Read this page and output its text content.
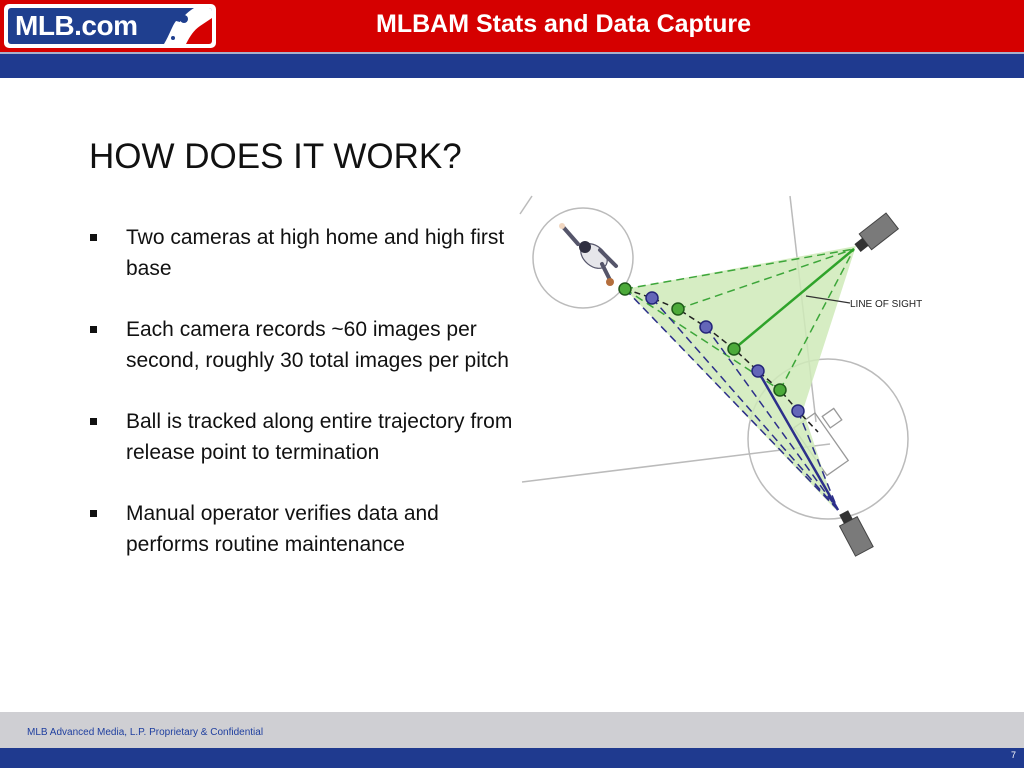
MLB.com	MLBAM Stats and Data Capture
HOW DOES IT WORK?
Two cameras at high home and high first base
Each camera records ~60 images per second, roughly 30 total images per pitch
Ball is tracked along entire trajectory from release point to termination
Manual operator verifies data and performs routine maintenance
LINE OF SIGHT
MLB Advanced Media, L.P. Proprietary & Confidential
7
